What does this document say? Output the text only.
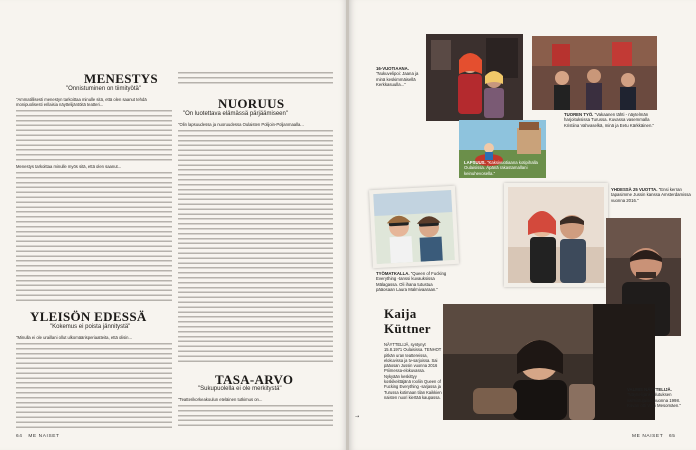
MENESTYS
"Onnistuminen on tiimityötä"
"Ammatillisesti menestyn tarkoittaa minulle sitä, että olen saanut tehdä monipuolisesti erilaisia näyttelijäntöitä teatteri...
Menestys tarkoittaa minulle myös sitä, että olen saanut...
YLEISÖN EDESSÄ
"Kokemus ei poista jännitystä"
"Minulla ei ole uraillani ollut ulkomäärisperiaatteita, että olisin...
NUORUUS
"On luotettava elämässä pärjäämiseen"
"Olin lapsuudessa ja nuoruudessa Oulaisten Polijoin-Poljanmaalla...
TASA-ARVO
"Sukupuolella ei ole merkitystä"
"Teatterikorkeakoulun eteläinen tutkimus on...
64   ME NAISET
16-VUOTIAANA. "Nukuvelipoi: Jaana ja minä keskimmäisellä Kerkkasuulla..."
TUOREN TYÖ. "Vakaanen tähti - näytelmän harjoituksissa Turussa. Kuvassa vasemmalla Kristiina Vahvaselkä, minä ja Eetu Kärkkäinen."
LAPSUUS. "Kaksivuotiaana kotipihalla Oulaisissa. Äpänä rakastamallani keinuhevosella."
YHDESSÄ 25 VUOTTA. "Ensi kerran tapasimme Jussin kanssa Amsterdamissa vuonna 2016."
TYÖMATKALLA. "Queen of Fucking Everything -tanssi kuvauksissa Mälagassa. Oli ihana tutustua pääosaan Laura Malmivaaraan."
Kaija
Küttner
NÄYTTELIJÄ, syntynyt 15.8.1971 Oulaisissa. TENHOT pitkän uran teattereissa, elokuvissa ja tv-sarjoissa. Sai pääosan Jussin vuonna 2016 Priimessa-elokuvassa. Nykyään keskittyy koskikeittäjänä rooliin Queen of Fucking Everything -sarjassa ja Turussa kotimaan tilan Kaikkien naisten nuori kiertää kaupassa.
VALMIS NÄYTTELIJÄ. "Näyttelijänkoulutuksen valmistujaiset vuonna 1998. Kuvan otti Virpi Mesomäen."
→
ME NAISET   65
